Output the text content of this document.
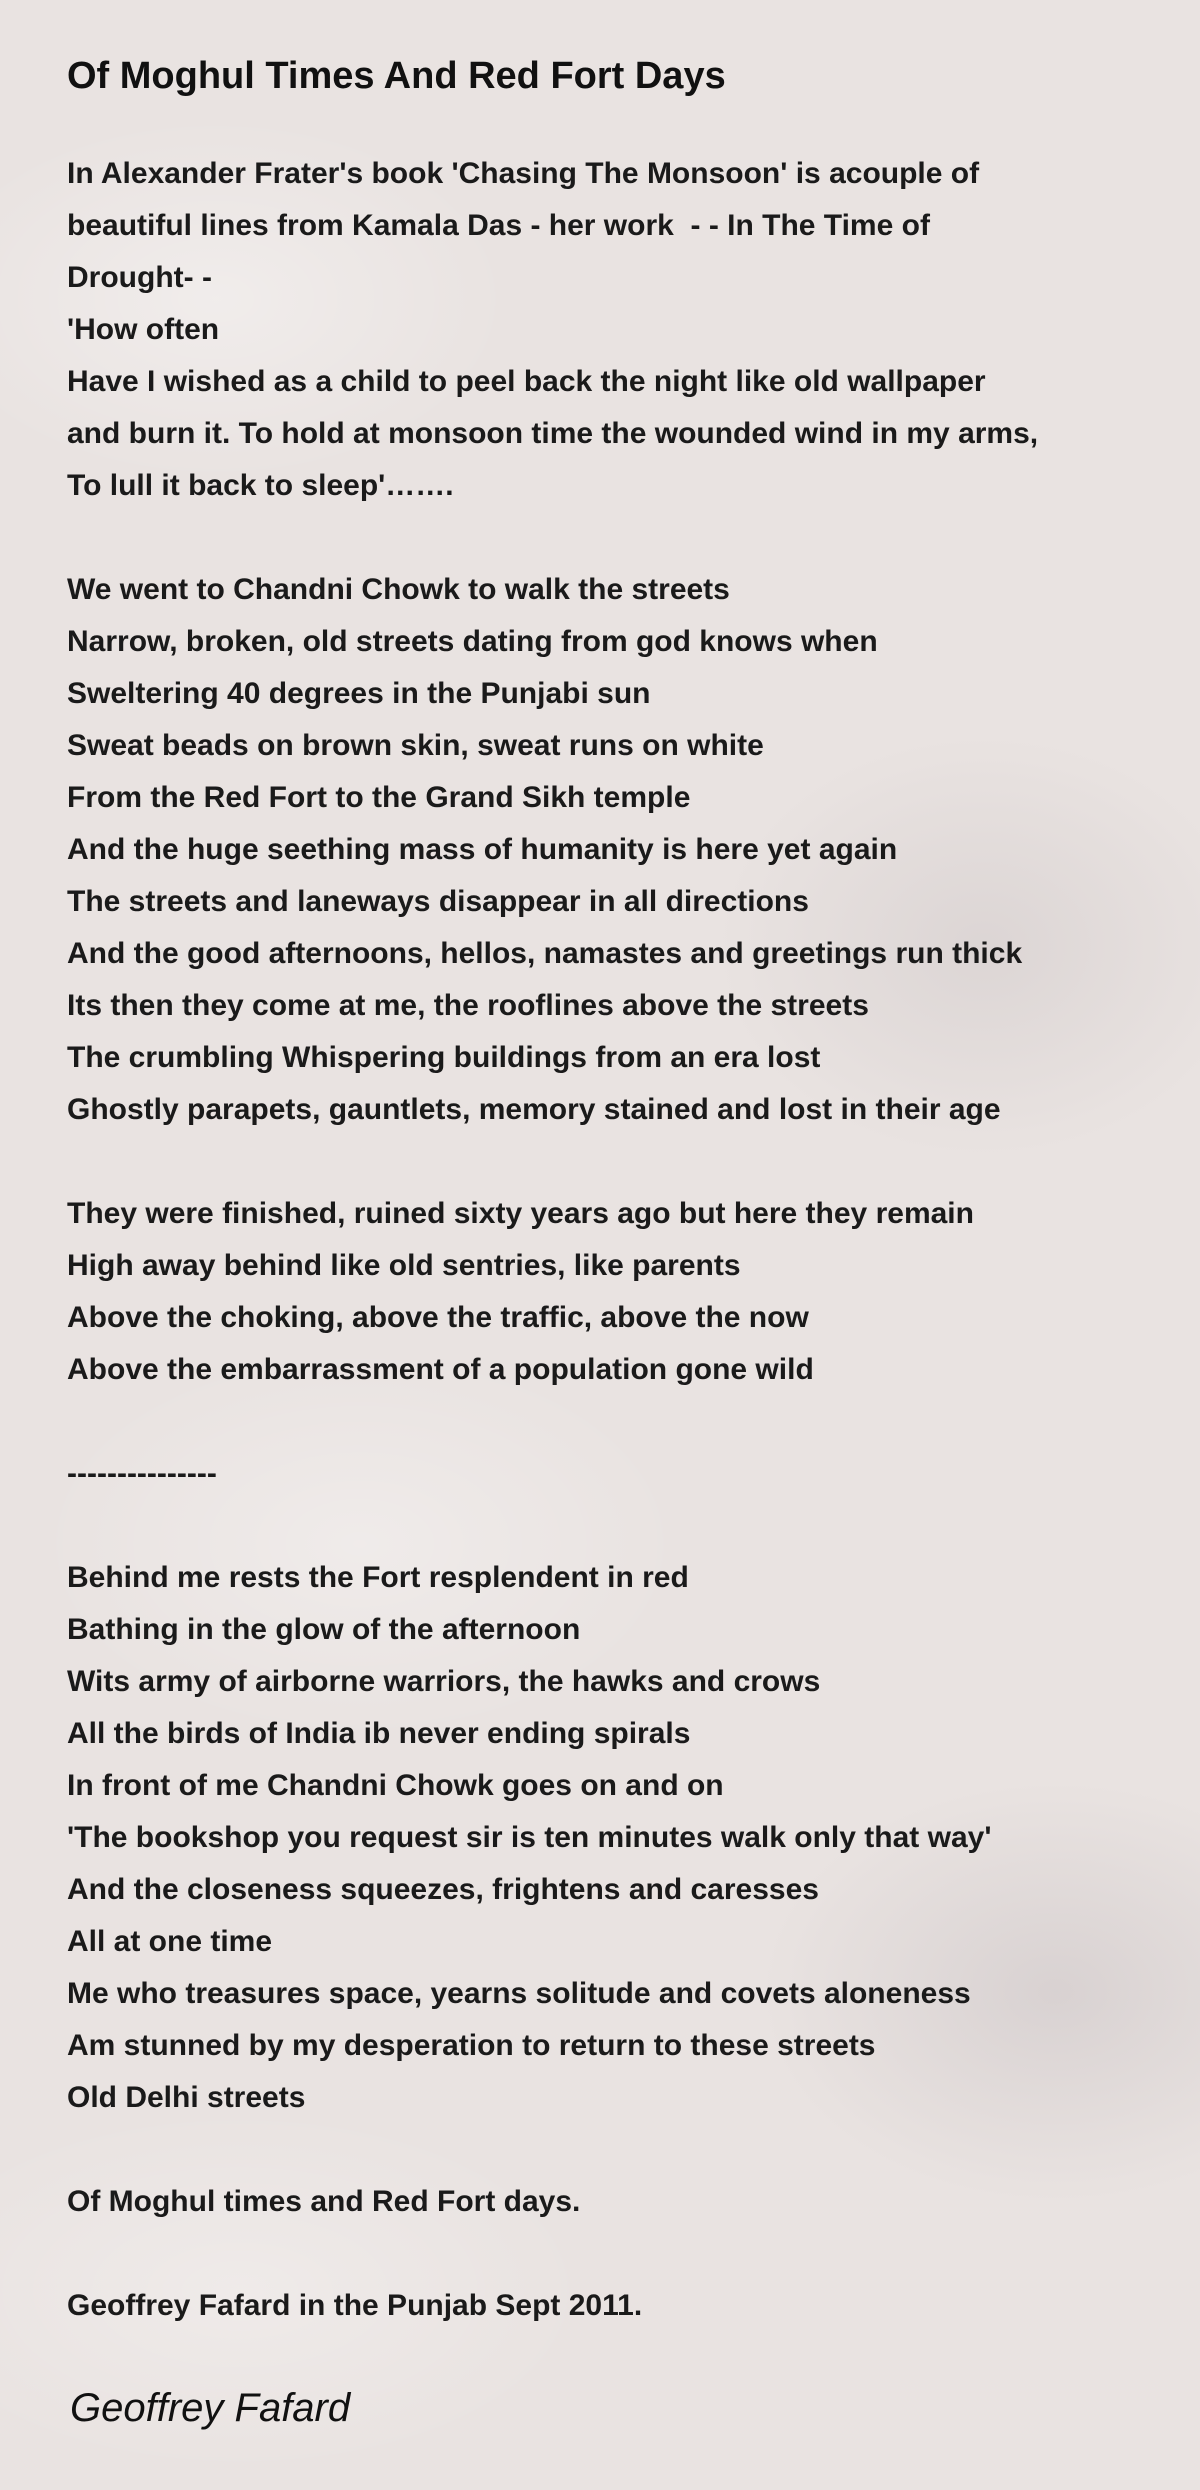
Of Moghul Times And Red Fort Days
In Alexander Frater's book 'Chasing The Monsoon' is acouple of
beautiful lines from Kamala Das - her work  - - In The Time of
Drought- -
'How often
Have I wished as a child to peel back the night like old wallpaper
and burn it. To hold at monsoon time the wounded wind in my arms,
To lull it back to sleep'…….
We went to Chandni Chowk to walk the streets
Narrow, broken, old streets dating from god knows when
Sweltering 40 degrees in the Punjabi sun
Sweat beads on brown skin, sweat runs on white
From the Red Fort to the Grand Sikh temple
And the huge seething mass of humanity is here yet again
The streets and laneways disappear in all directions
And the good afternoons, hellos, namastes and greetings run thick
Its then they come at me, the rooflines above the streets
The crumbling Whispering buildings from an era lost
Ghostly parapets, gauntlets, memory stained and lost in their age
They were finished, ruined sixty years ago but here they remain
High away behind like old sentries, like parents
Above the choking, above the traffic, above the now
Above the embarrassment of a population gone wild
---------------
Behind me rests the Fort resplendent in red
Bathing in the glow of the afternoon
Wits army of airborne warriors, the hawks and crows
All the birds of India ib never ending spirals
In front of me Chandni Chowk goes on and on
'The bookshop you request sir is ten minutes walk only that way'
And the closeness squeezes, frightens and caresses
All at one time
Me who treasures space, yearns solitude and covets aloneness
Am stunned by my desperation to return to these streets
Old Delhi streets
Of Moghul times and Red Fort days.
Geoffrey Fafard in the Punjab Sept 2011.
Geoffrey Fafard
